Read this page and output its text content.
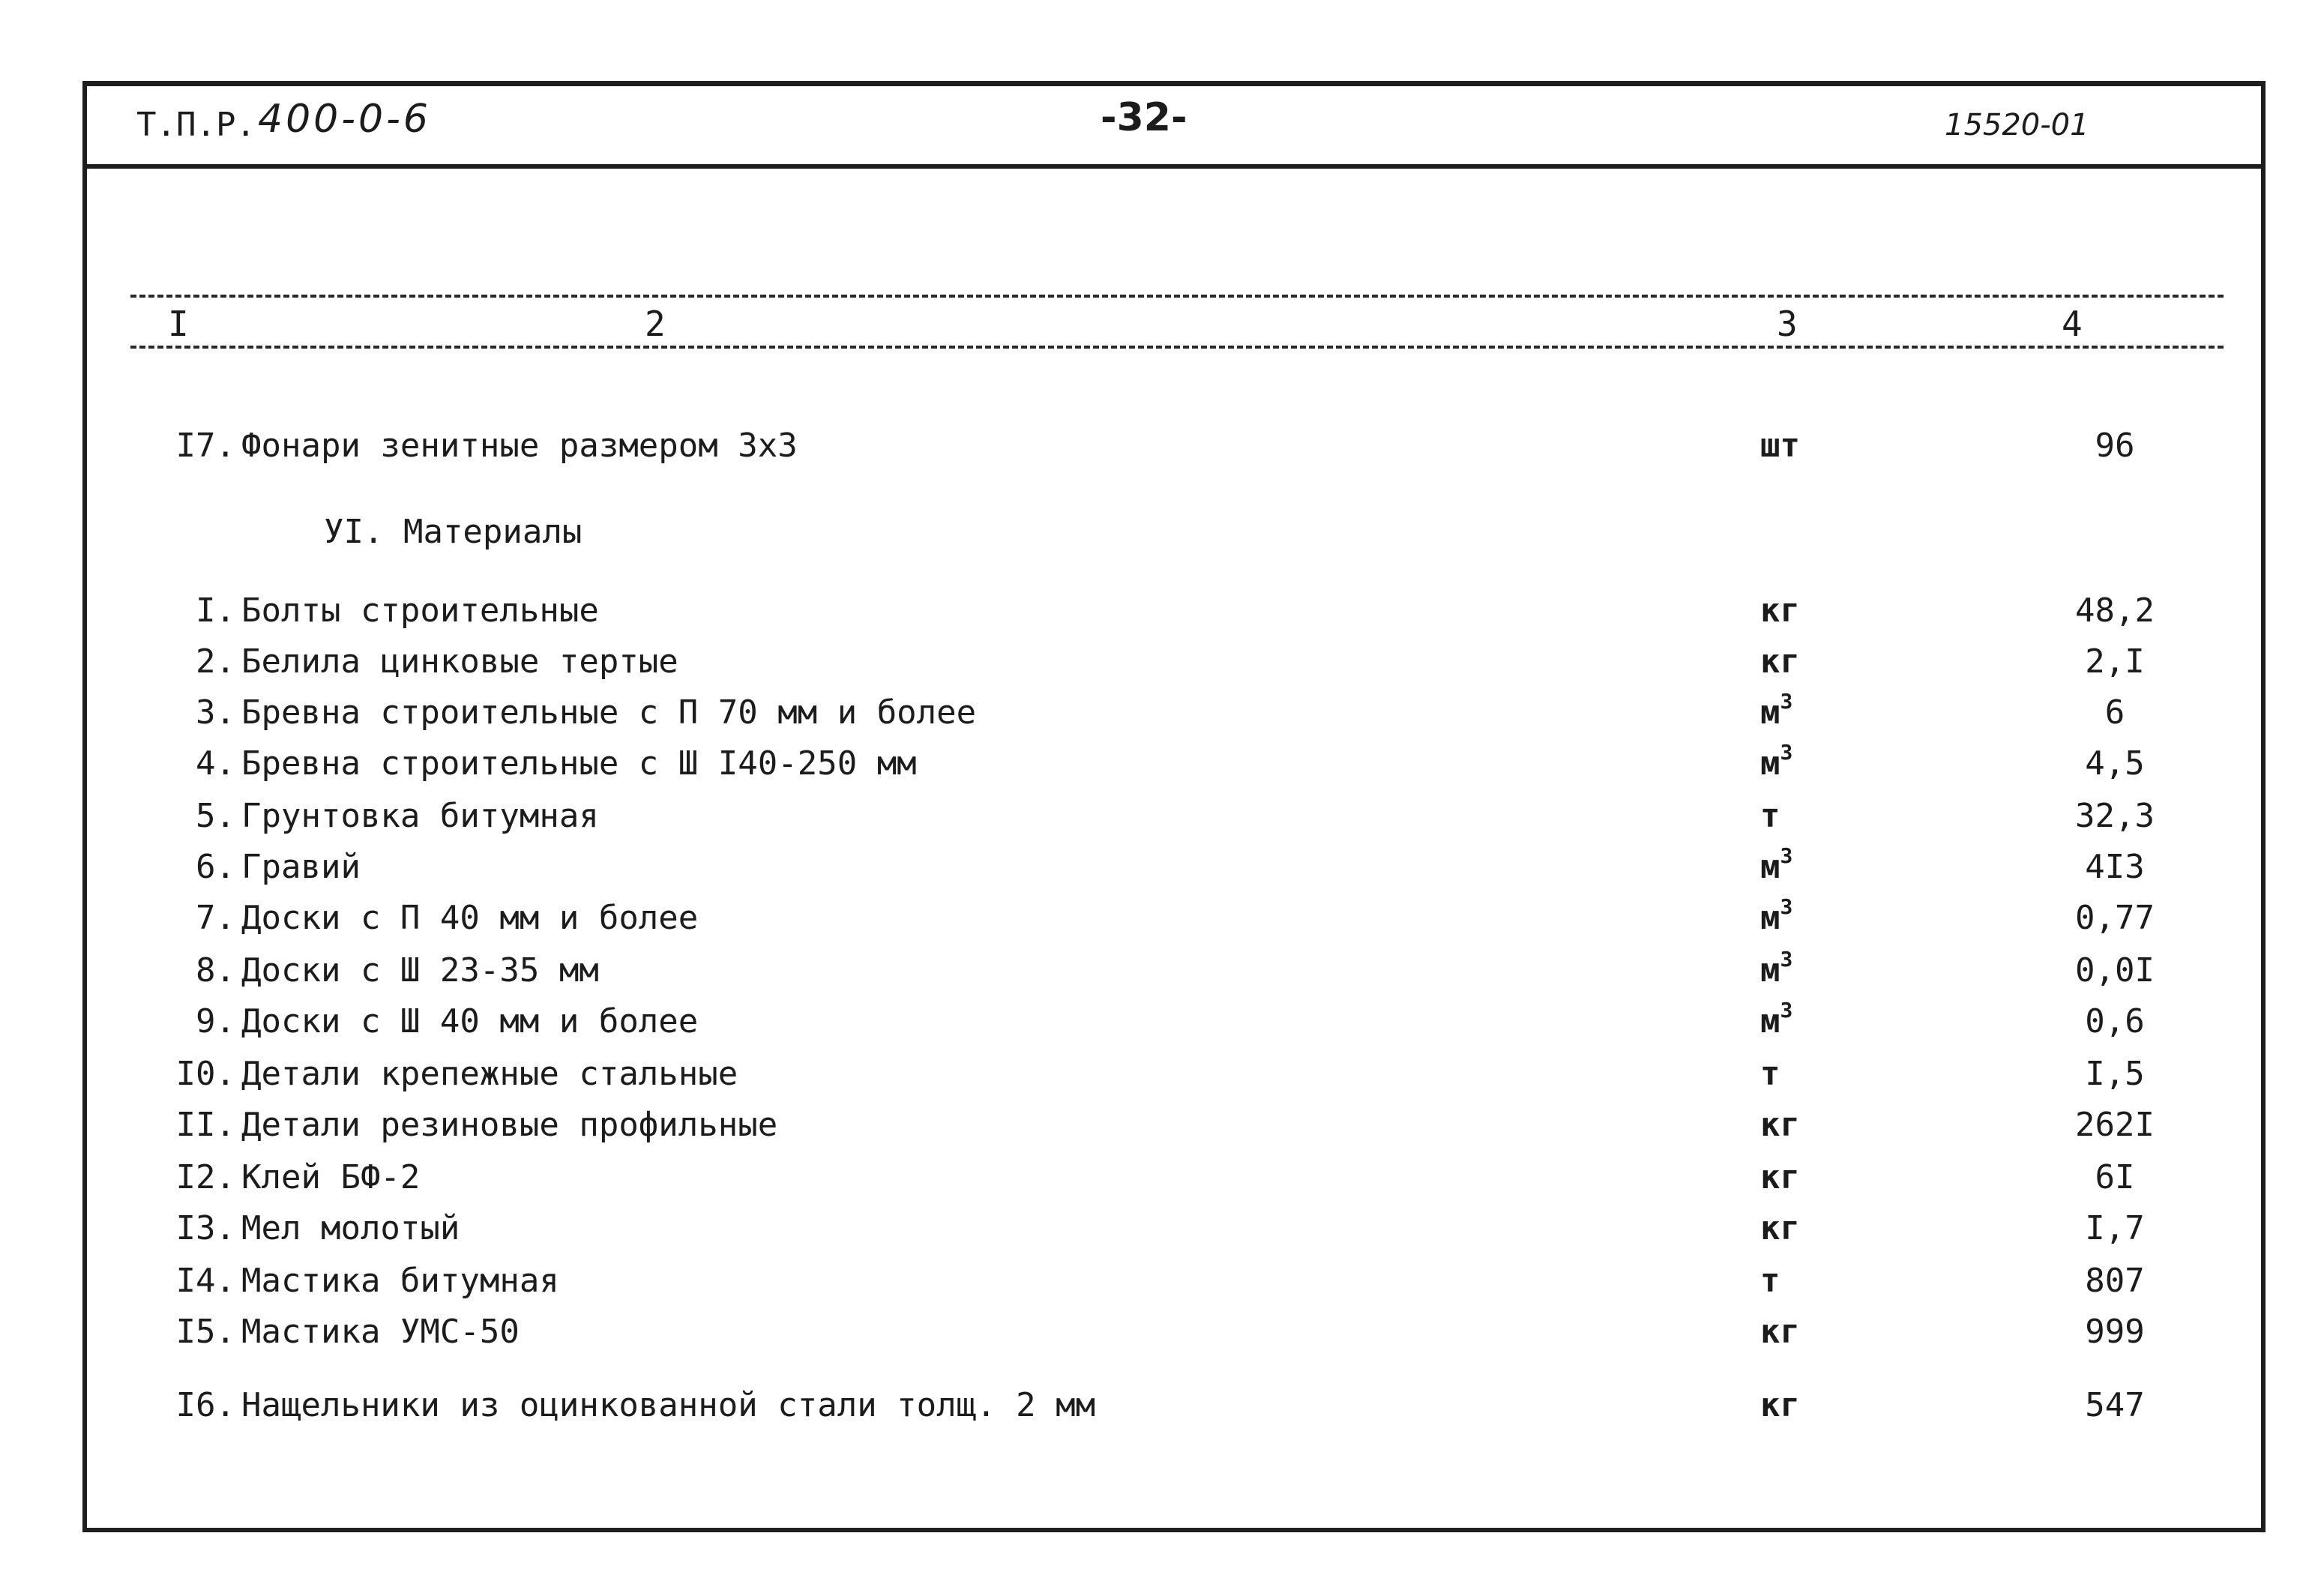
Т.П.Р. 400-0-6	-32-	15520-01
I	2	3	4
I7. Фонари зенитные размером 3х3	шт	96
УI. Материалы
I. Болты строительные	кг	48,2
2. Белила цинковые тертые	кг	2,I
3. Бревна строительные с П 70 мм и более	$м^3$	6
4. Бревна строительные с Ш I40-250 мм	$м^3$	4,5
5. Грунтовка битумная	т	32,3
6. Гравий	$м^3$	4I3
7. Доски с П 40 мм и более	$м^3$	0,77
8. Доски с Ш 23-35 мм	$м^3$	0,0I
9. Доски с Ш 40 мм и более	$м^3$	0,6
I0. Детали крепежные стальные	т	I,5
II. Детали резиновые профильные	кг	262I
I2. Клей БФ-2	кг	6I
I3. Мел молотый	кг	I,7
I4. Мастика битумная	т	807
I5. Мастика УМС-50	кг	999
I6. Нащельники из оцинкованной стали толщ. 2 мм	кг	547
